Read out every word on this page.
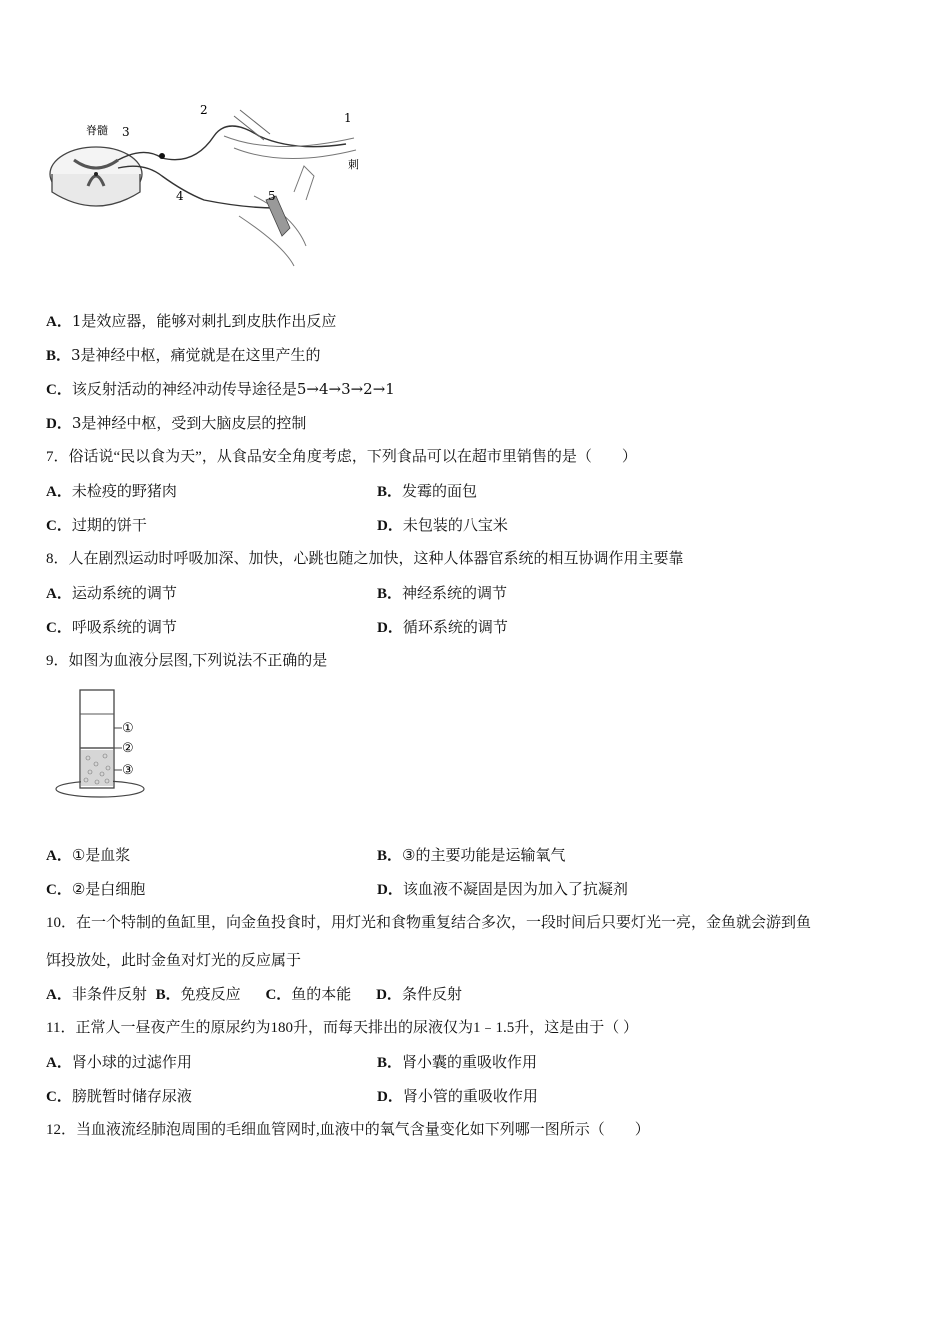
脊髓 3
2
4	5
1
刺
A．1是效应器，能够对刺扎到皮肤作出反应
B．3是神经中枢，痛觉就是在这里产生的
C．该反射活动的神经冲动传导途径是5→4→3→2→1
D．3是神经中枢，受到大脑皮层的控制
7．俗话说“民以食为天”，从食品安全角度考虑，下列食品可以在超市里销售的是（　　）
A．未检疫的野猪肉	B．发霉的面包
C．过期的饼干	D．未包装的八宝米
8．人在剧烈运动时呼吸加深、加快，心跳也随之加快，这种人体器官系统的相互协调作用主要靠
A．运动系统的调节	B．神经系统的调节
C．呼吸系统的调节	D．循环系统的调节
9．如图为血液分层图,下列说法不正确的是
①
②
③
A．①是血浆	B．③的主要功能是运输氧气
C．②是白细胞	D．该血液不凝固是因为加入了抗凝剂
10．在一个特制的鱼缸里，向金鱼投食时，用灯光和食物重复结合多次，一段时间后只要灯光一亮，金鱼就会游到鱼
饵投放处，此时金鱼对灯光的反应属于
A．非条件反射 B．免疫反应 C．鱼的本能 D．条件反射
11．正常人一昼夜产生的原尿约为180升，而每天排出的尿液仅为1﹣1.5升，这是由于（ ）
A．肾小球的过滤作用	B．肾小囊的重吸收作用
C．膀胱暂时储存尿液	D．肾小管的重吸收作用
12．当血液流经肺泡周围的毛细血管网时,血液中的氧气含量变化如下列哪一图所示（　　）
